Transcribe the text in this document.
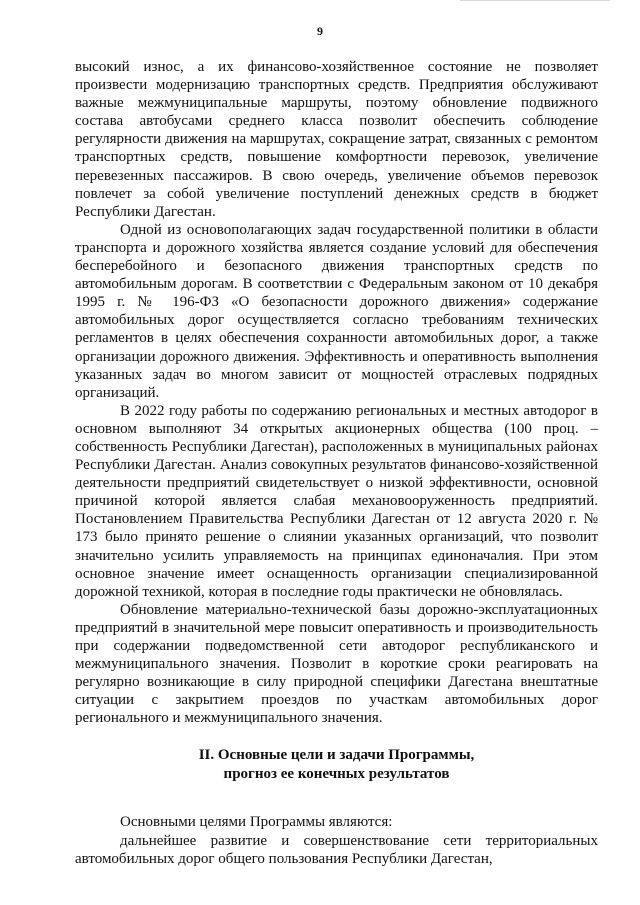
9

высокий износ, а их финансово-хозяйственное состояние не позволяет произвести модернизацию транспортных средств. Предприятия обслуживают важные межмуниципальные маршруты, поэтому обновление подвижного состава автобусами среднего класса позволит обеспечить соблюдение регулярности движения на маршрутах, сокращение затрат, связанных с ремонтом транспортных средств, повышение комфортности перевозок, увеличение перевезенных пассажиров. В свою очередь, увеличение объемов перевозок повлечет за собой увеличение поступлений денежных средств в бюджет Республики Дагестан.

Одной из основополагающих задач государственной политики в области транспорта и дорожного хозяйства является создание условий для обеспечения бесперебойного и безопасного движения транспортных средств по автомобильным дорогам. В соответствии с Федеральным законом от 10 декабря 1995 г. № 196-ФЗ «О безопасности дорожного движения» содержание автомобильных дорог осуществляется согласно требованиям технических регламентов в целях обеспечения сохранности автомобильных дорог, а также организации дорожного движения. Эффективность и оперативность выполнения указанных задач во многом зависит от мощностей отраслевых подрядных организаций.

В 2022 году работы по содержанию региональных и местных автодорог в основном выполняют 34 открытых акционерных общества (100 проц. – собственность Республики Дагестан), расположенных в муниципальных районах Республики Дагестан. Анализ совокупных результатов финансово-хозяйственной деятельности предприятий свидетельствует о низкой эффективности, основной причиной которой является слабая механовооруженность предприятий. Постановлением Правительства Республики Дагестан от 12 августа 2020 г. № 173 было принято решение о слиянии указанных организаций, что позволит значительно усилить управляемость на принципах единоначалия. При этом основное значение имеет оснащенность организации специализированной дорожной техникой, которая в последние годы практически не обновлялась.

Обновление материально-технической базы дорожно-эксплуатационных предприятий в значительной мере повысит оперативность и производительность при содержании подведомственной сети автодорог республиканского и межмуниципального значения. Позволит в короткие сроки реагировать на регулярно возникающие в силу природной специфики Дагестана внештатные ситуации с закрытием проездов по участкам автомобильных дорог регионального и межмуниципального значения.

II. Основные цели и задачи Программы,
прогноз ее конечных результатов

Основными целями Программы являются:

дальнейшее развитие и совершенствование сети территориальных автомобильных дорог общего пользования Республики Дагестан,
